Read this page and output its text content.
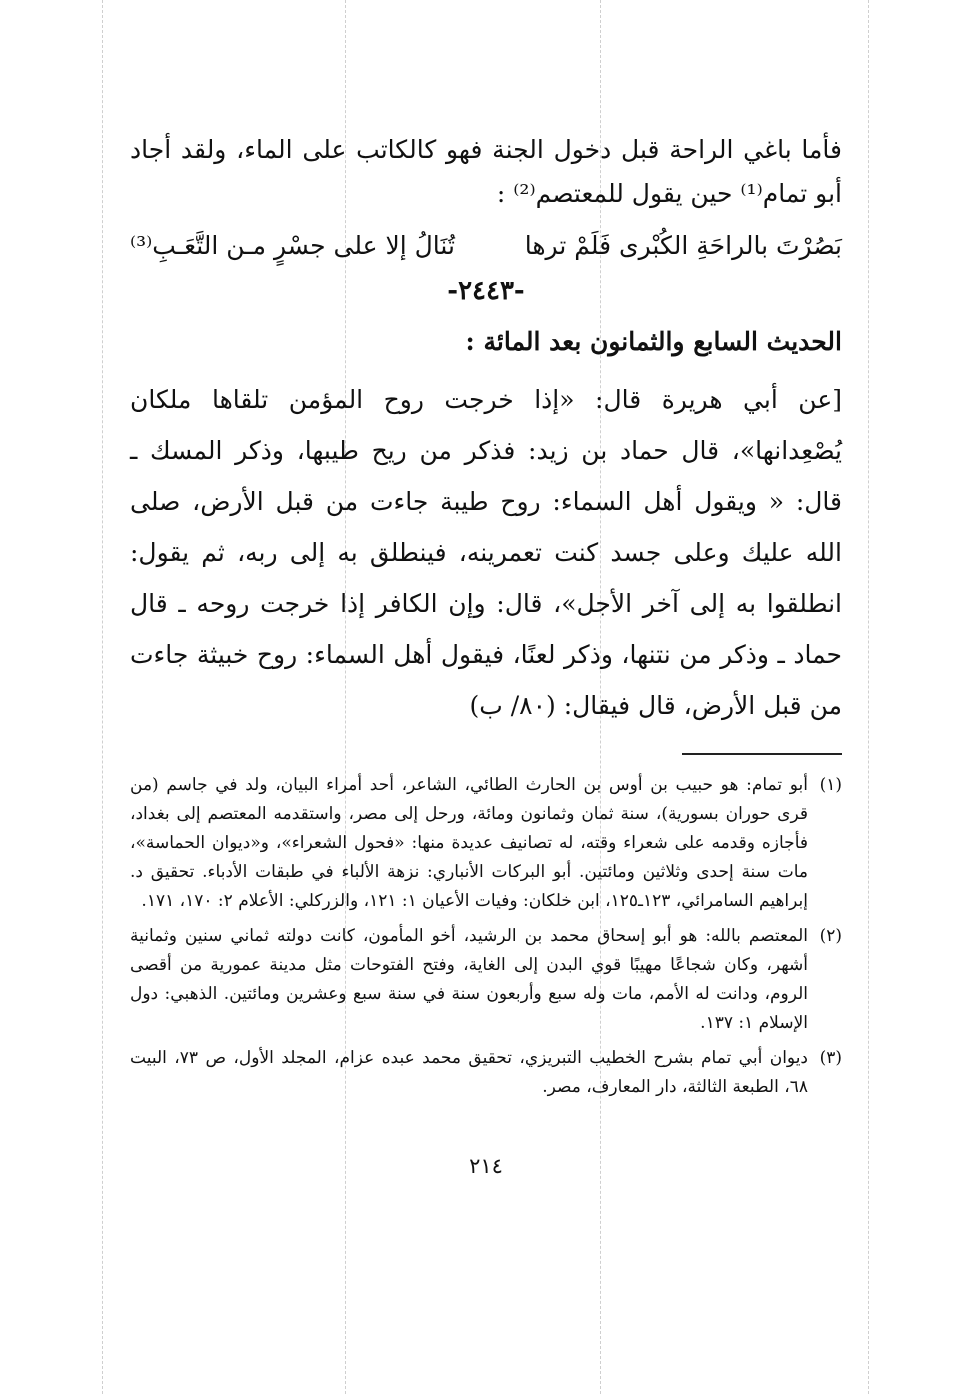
فأما باغي الراحة قبل دخول الجنة فهو كالكاتب على الماء، ولقد أجاد أبو تمام⁽¹⁾ حين يقول للمعتصم⁽²⁾ :

بَصُرْتَ بالراحَةِ الكُبْرى فَلَمْ ترها
تُنَالُ إلا على جسْرٍ مـن التَّعَـبِ⁽³⁾
-٢٤٤٣-
الحديث السابع والثمانون بعد المائة :

[عن أبي هريرة قال: «إذا خرجت روح المؤمن تلقاها ملكان يُصْعِدانها»، قال حماد بن زيد: فذكر من ريح طيبها، وذكر المسك ـ قال: « ويقول أهل السماء: روح طيبة جاءت من قبل الأرض، صلى الله عليك وعلى جسد كنت تعمرينه، فينطلق به إلى ربه، ثم يقول: انطلقوا به إلى آخر الأجل»، قال: وإن الكافر إذا خرجت روحه ـ قال حماد ـ وذكر من نتنها، وذكر لعنًا، فيقول أهل السماء: روح خبيثة جاءت من قبل الأرض، قال فيقال: (٨٠/ ب)

(١)
أبو تمام: هو حبيب بن أوس بن الحارث الطائي، الشاعر، أحد أمراء البيان، ولد في جاسم (من قرى حوران بسورية)، سنة ثمان وثمانون ومائة، ورحل إلى مصر، واستقدمه المعتصم إلى بغداد، فأجازه وقدمه على شعراء وقته، له تصانيف عديدة منها: «فحول الشعراء»، و«ديوان الحماسة»، مات سنة إحدى وثلاثين ومائتين. أبو البركات الأنباري: نزهة الألباء في طبقات الأدباء. تحقيق د. إبراهيم السامرائي، ١٢٣ـ١٢٥، ابن خلكان: وفيات الأعيان ١: ١٢١، والزركلي: الأعلام ٢: ١٧٠، ١٧١.
(٢)
المعتصم بالله: هو أبو إسحاق محمد بن الرشيد، أخو المأمون، كانت دولته ثماني سنين وثمانية أشهر، وكان شجاعًا مهيبًا قوي البدن إلى الغاية، وفتح الفتوحات مثل مدينة عمورية من أقصى الروم، ودانت له الأمم، مات وله سبع وأربعون سنة في سنة سبع وعشرين ومائتين. الذهبي: دول الإسلام ١: ١٣٧.
(٣)
ديوان أبي تمام بشرح الخطيب التبريزي، تحقيق محمد عبده عزام، المجلد الأول، ص ٧٣، البيت ٦٨، الطبعة الثالثة، دار المعارف، مصر.
٢١٤
